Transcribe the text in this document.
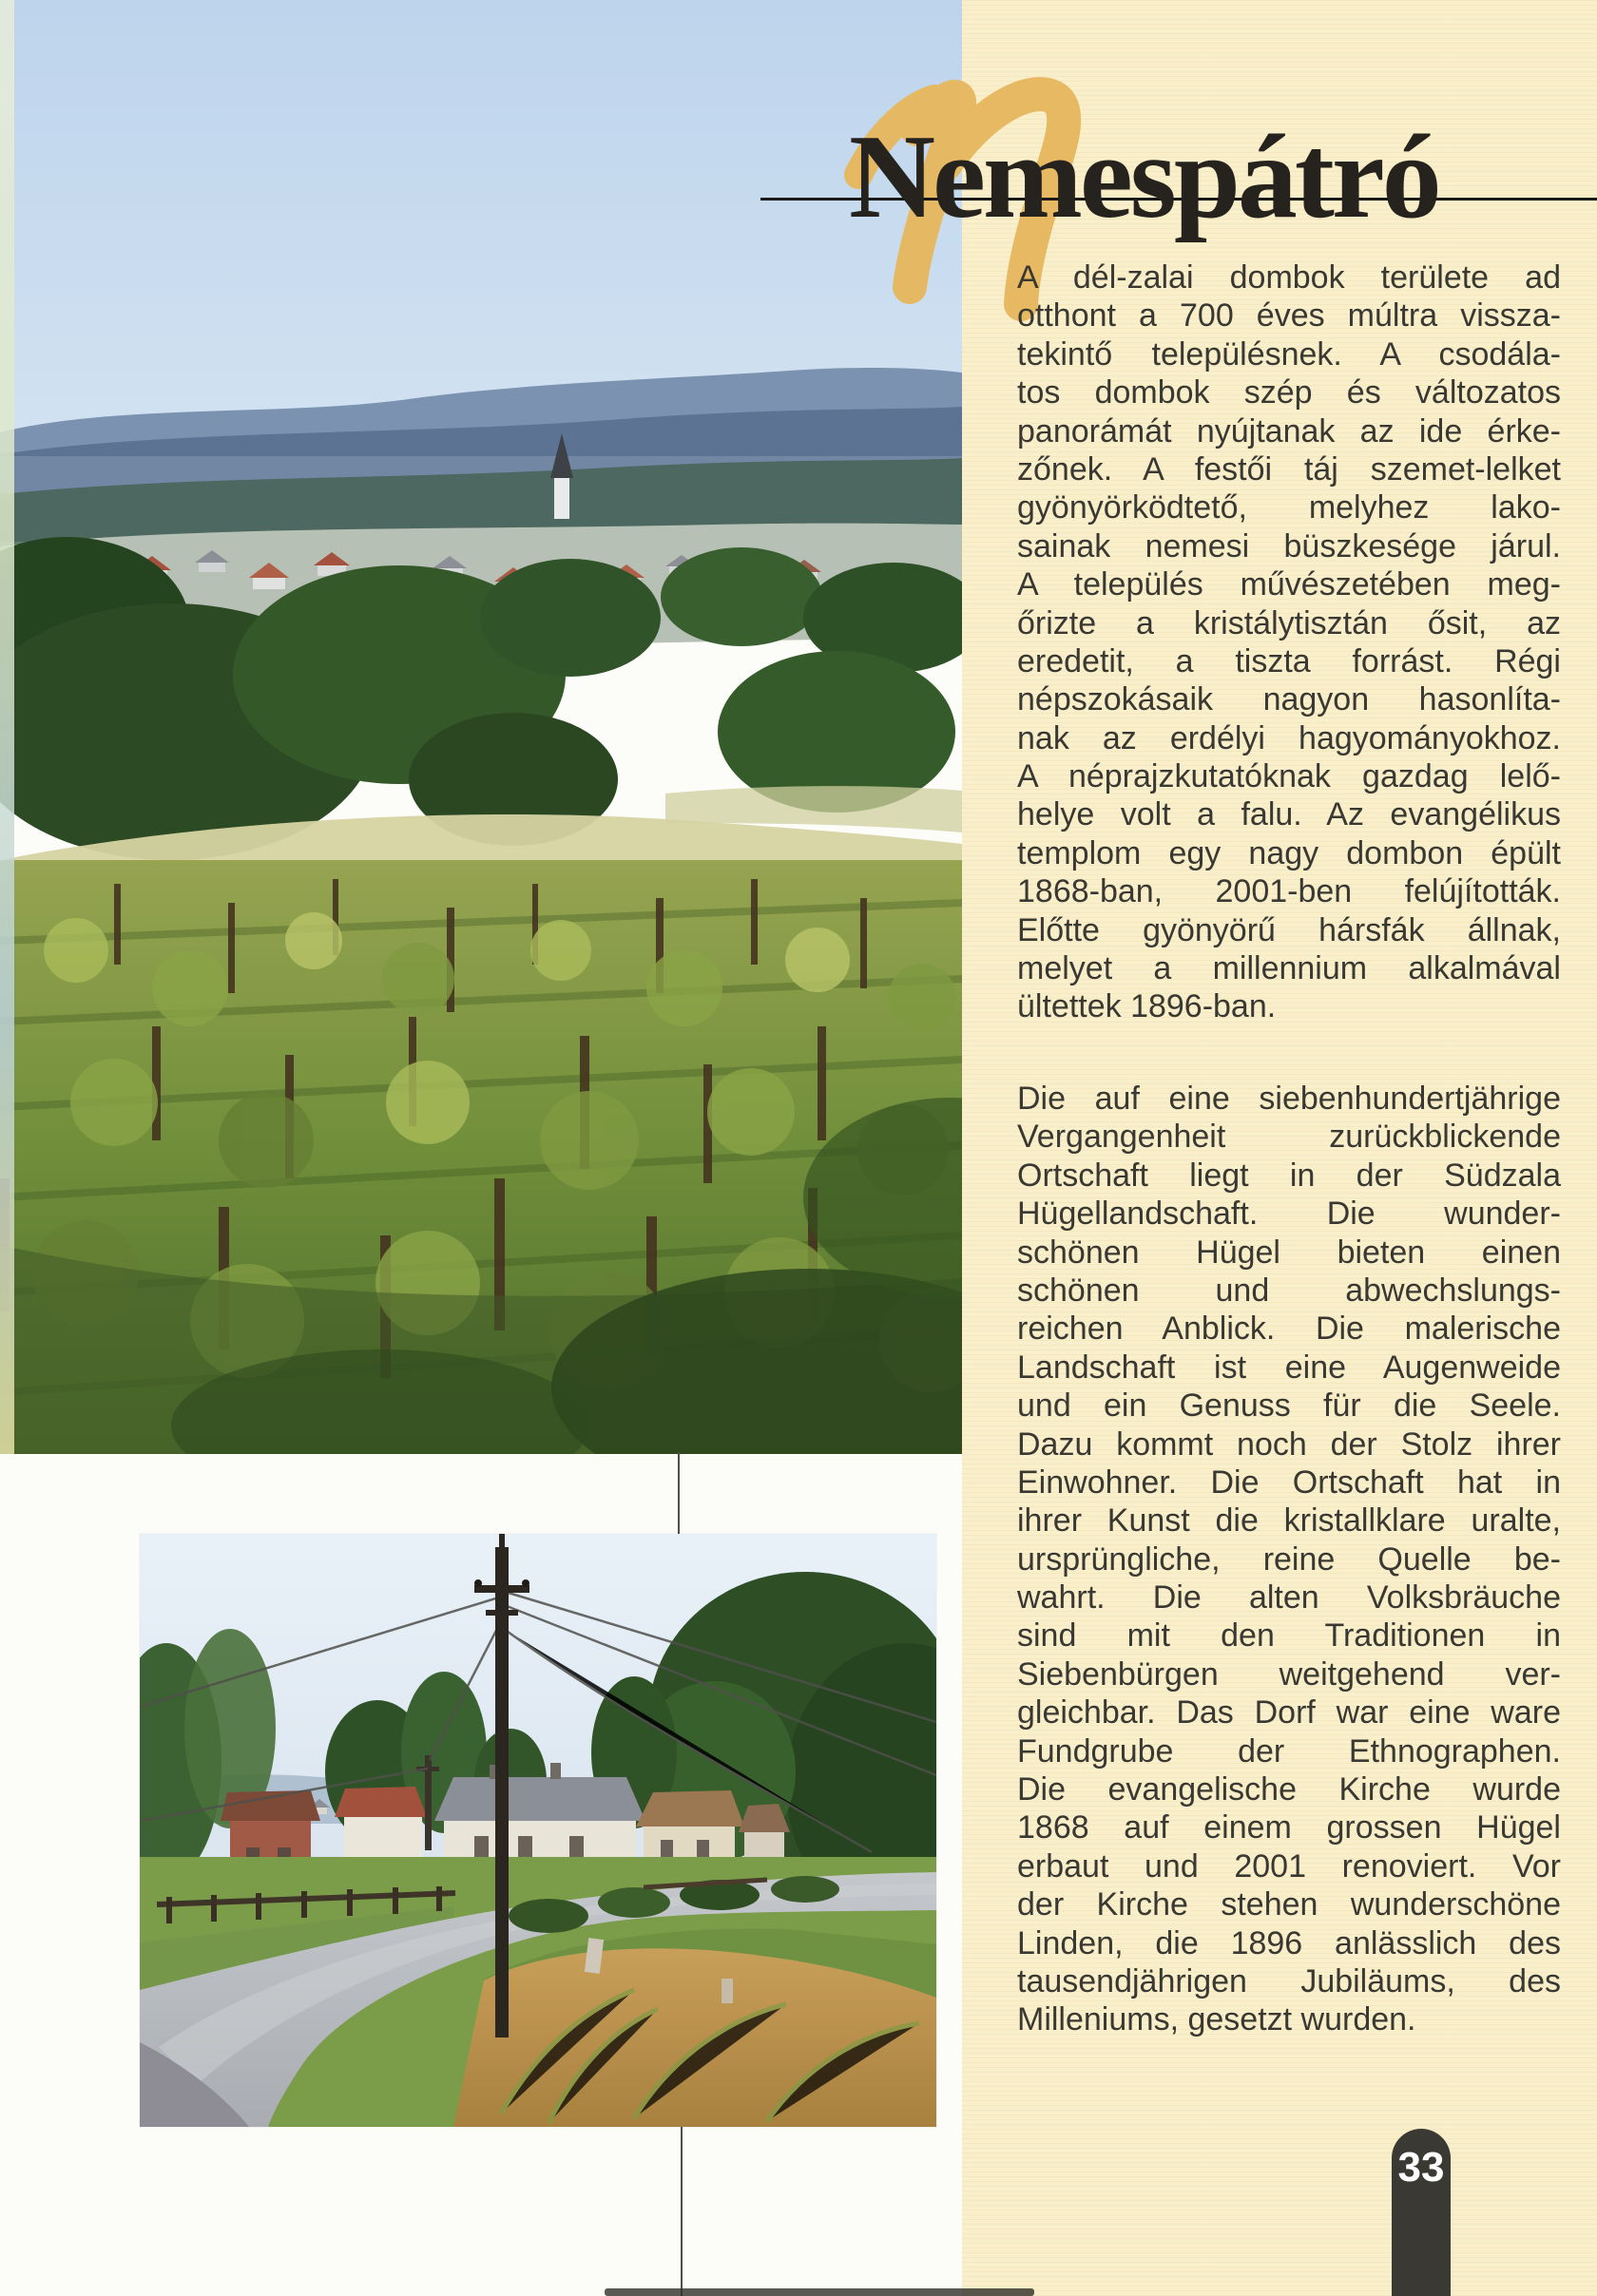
Nemespátró
A dél-zalai dombok területe ad
otthont a 700 éves múltra vissza-
tekintő településnek. A csodála-
tos dombok szép és változatos
panorámát nyújtanak az ide érke-
zőnek. A festői táj szemet-lelket
gyönyörködtető, melyhez lako-
sainak nemesi büszkesége járul.
A település művészetében meg-
őrizte a kristálytisztán ősit, az
eredetit, a tiszta forrást. Régi
népszokásaik nagyon hasonlíta-
nak az erdélyi hagyományokhoz.
A néprajzkutatóknak gazdag lelő-
helye volt a falu. Az evangélikus
templom egy nagy dombon épült
1868-ban, 2001-ben felújították.
Előtte gyönyörű hársfák állnak,
melyet a millennium alkalmával
ültettek 1896-ban.
Die auf eine siebenhundertjährige
Vergangenheit zurückblickende
Ortschaft liegt in der Südzala
Hügellandschaft. Die wunder-
schönen Hügel bieten einen
schönen und abwechslungs-
reichen Anblick. Die malerische
Landschaft ist eine Augenweide
und ein Genuss für die Seele.
Dazu kommt noch der Stolz ihrer
Einwohner. Die Ortschaft hat in
ihrer Kunst die kristallklare uralte,
ursprüngliche, reine Quelle be-
wahrt. Die alten Volksbräuche
sind mit den Traditionen in
Siebenbürgen weitgehend ver-
gleichbar. Das Dorf war eine ware
Fundgrube der Ethnographen.
Die evangelische Kirche wurde
1868 auf einem grossen Hügel
erbaut und 2001 renoviert. Vor
der Kirche stehen wunderschöne
Linden, die 1896 anlässlich des
tausendjährigen Jubiläums, des
Milleniums, gesetzt wurden.
33
